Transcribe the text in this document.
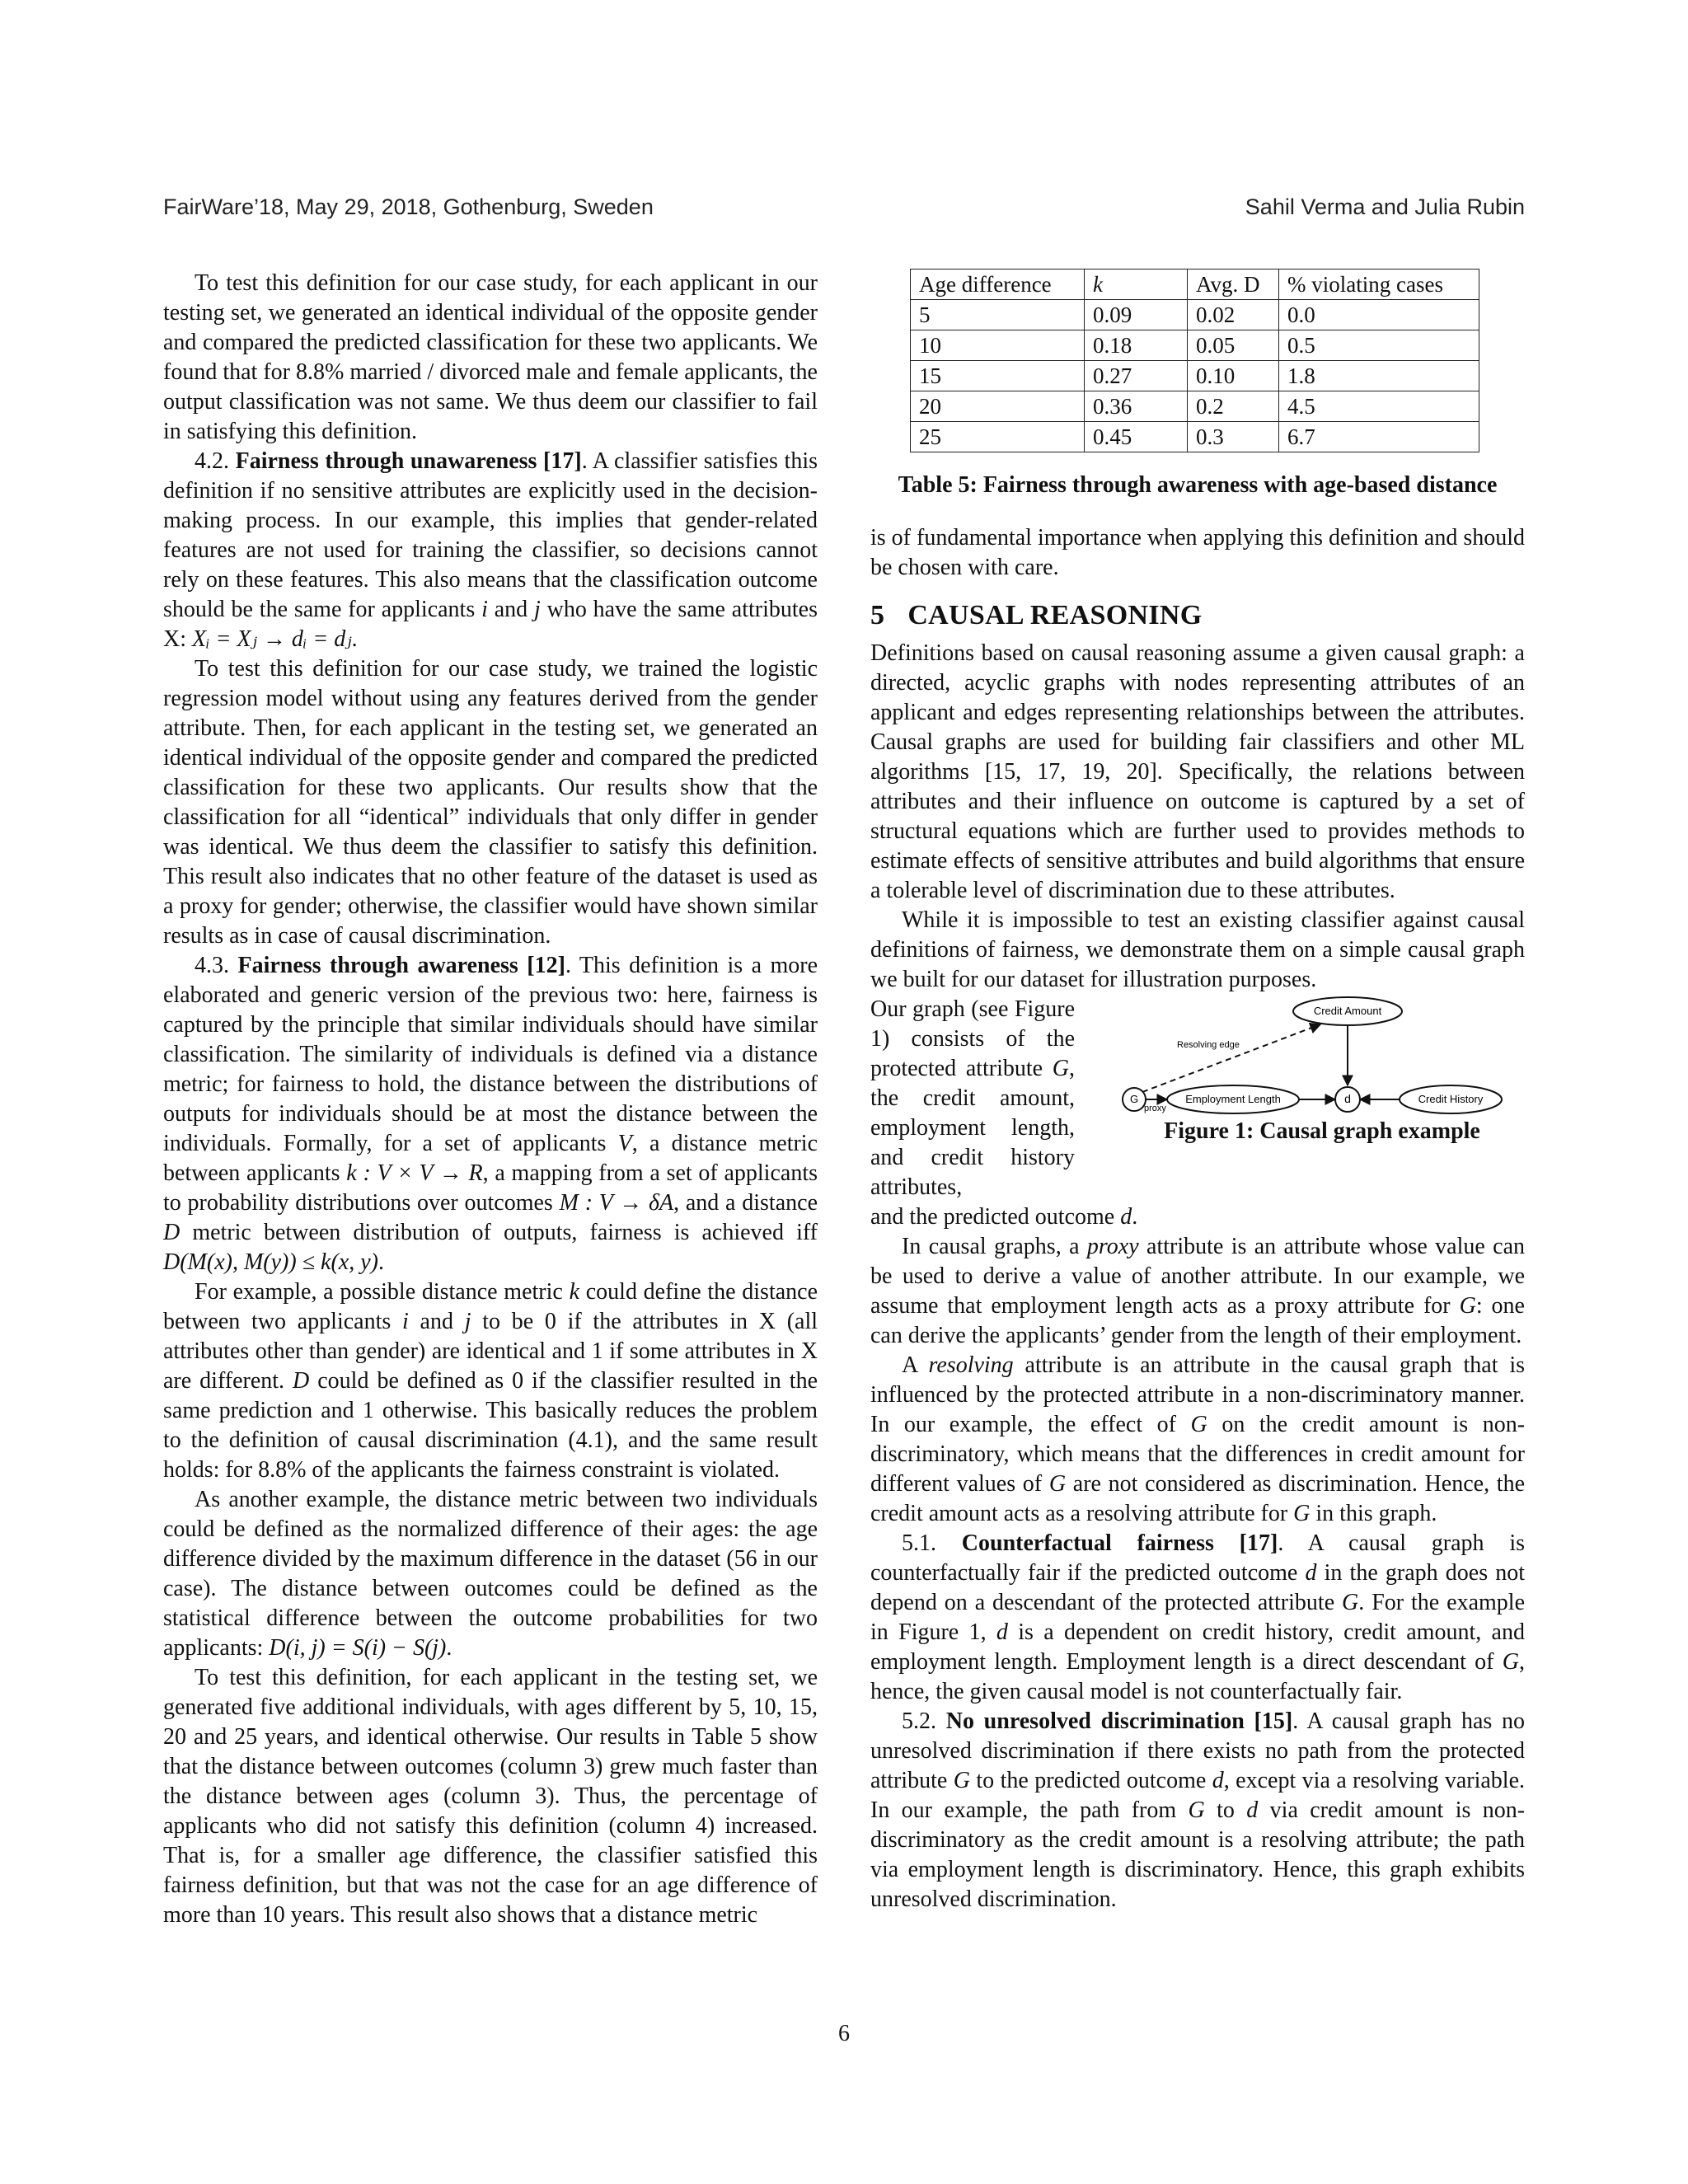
FairWare’18, May 29, 2018, Gothenburg, Sweden	Sahil Verma and Julia Rubin

To test this definition for our case study, for each applicant in our testing set, we generated an identical individual of the opposite gender and compared the predicted classification for these two applicants. We found that for 8.8% married / divorced male and female applicants, the output classification was not same. We thus deem our classifier to fail in satisfying this definition.

4.2. Fairness through unawareness [17]. A classifier satisfies this definition if no sensitive attributes are explicitly used in the decision-making process. In our example, this implies that gender-related features are not used for training the classifier, so decisions cannot rely on these features. This also means that the classification outcome should be the same for applicants i and j who have the same attributes X: Xᵢ = Xⱼ → dᵢ = dⱼ.

To test this definition for our case study, we trained the logistic regression model without using any features derived from the gender attribute. Then, for each applicant in the testing set, we generated an identical individual of the opposite gender and compared the predicted classification for these two applicants. Our results show that the classification for all “identical” individuals that only differ in gender was identical. We thus deem the classifier to satisfy this definition. This result also indicates that no other feature of the dataset is used as a proxy for gender; otherwise, the classifier would have shown similar results as in case of causal discrimination.

4.3. Fairness through awareness [12]. This definition is a more elaborated and generic version of the previous two: here, fairness is captured by the principle that similar individuals should have similar classification. The similarity of individuals is defined via a distance metric; for fairness to hold, the distance between the distributions of outputs for individuals should be at most the distance between the individuals. Formally, for a set of applicants V, a distance metric between applicants k : V × V → R, a mapping from a set of applicants to probability distributions over outcomes M : V → δA, and a distance D metric between distribution of outputs, fairness is achieved iff D(M(x), M(y)) ≤ k(x, y).

For example, a possible distance metric k could define the distance between two applicants i and j to be 0 if the attributes in X (all attributes other than gender) are identical and 1 if some attributes in X are different. D could be defined as 0 if the classifier resulted in the same prediction and 1 otherwise. This basically reduces the problem to the definition of causal discrimination (4.1), and the same result holds: for 8.8% of the applicants the fairness constraint is violated.

As another example, the distance metric between two individuals could be defined as the normalized difference of their ages: the age difference divided by the maximum difference in the dataset (56 in our case). The distance between outcomes could be defined as the statistical difference between the outcome probabilities for two applicants: D(i, j) = S(i) − S(j).

To test this definition, for each applicant in the testing set, we generated five additional individuals, with ages different by 5, 10, 15, 20 and 25 years, and identical otherwise. Our results in Table 5 show that the distance between outcomes (column 3) grew much faster than the distance between ages (column 3). Thus, the percentage of applicants who did not satisfy this definition (column 4) increased. That is, for a smaller age difference, the classifier satisfied this fairness definition, but that was not the case for an age difference of more than 10 years. This result also shows that a distance metric

Age difference	k	Avg. D	% violating cases
5	0.09	0.02	0.0
10	0.18	0.05	0.5
15	0.27	0.10	1.8
20	0.36	0.2	4.5
25	0.45	0.3	6.7
Table 5: Fairness through awareness with age-based distance

is of fundamental importance when applying this definition and should be chosen with care.

5 CAUSAL REASONING

Definitions based on causal reasoning assume a given causal graph: a directed, acyclic graphs with nodes representing attributes of an applicant and edges representing relationships between the attributes. Causal graphs are used for building fair classifiers and other ML algorithms [15, 17, 19, 20]. Specifically, the relations between attributes and their influence on outcome is captured by a set of structural equations which are further used to provides methods to estimate effects of sensitive attributes and build algorithms that ensure a tolerable level of discrimination due to these attributes.

While it is impossible to test an existing classifier against causal definitions of fairness, we demonstrate them on a simple causal graph we built for our dataset for illustration purposes.

Our graph (see Figure 1) consists of the protected attribute G, the credit amount, employment length, and credit history attributes,
Resolving edge
proxy
G	Employment Length	d	Credit History
Credit Amount
Figure 1: Causal graph example

and the predicted outcome d.

In causal graphs, a proxy attribute is an attribute whose value can be used to derive a value of another attribute. In our example, we assume that employment length acts as a proxy attribute for G: one can derive the applicants’ gender from the length of their employment.

A resolving attribute is an attribute in the causal graph that is influenced by the protected attribute in a non-discriminatory manner. In our example, the effect of G on the credit amount is non-discriminatory, which means that the differences in credit amount for different values of G are not considered as discrimination. Hence, the credit amount acts as a resolving attribute for G in this graph.

5.1. Counterfactual fairness [17]. A causal graph is counterfactually fair if the predicted outcome d in the graph does not depend on a descendant of the protected attribute G. For the example in Figure 1, d is a dependent on credit history, credit amount, and employment length. Employment length is a direct descendant of G, hence, the given causal model is not counterfactually fair.

5.2. No unresolved discrimination [15]. A causal graph has no unresolved discrimination if there exists no path from the protected attribute G to the predicted outcome d, except via a resolving variable. In our example, the path from G to d via credit amount is non-discriminatory as the credit amount is a resolving attribute; the path via employment length is discriminatory. Hence, this graph exhibits unresolved discrimination.

6
